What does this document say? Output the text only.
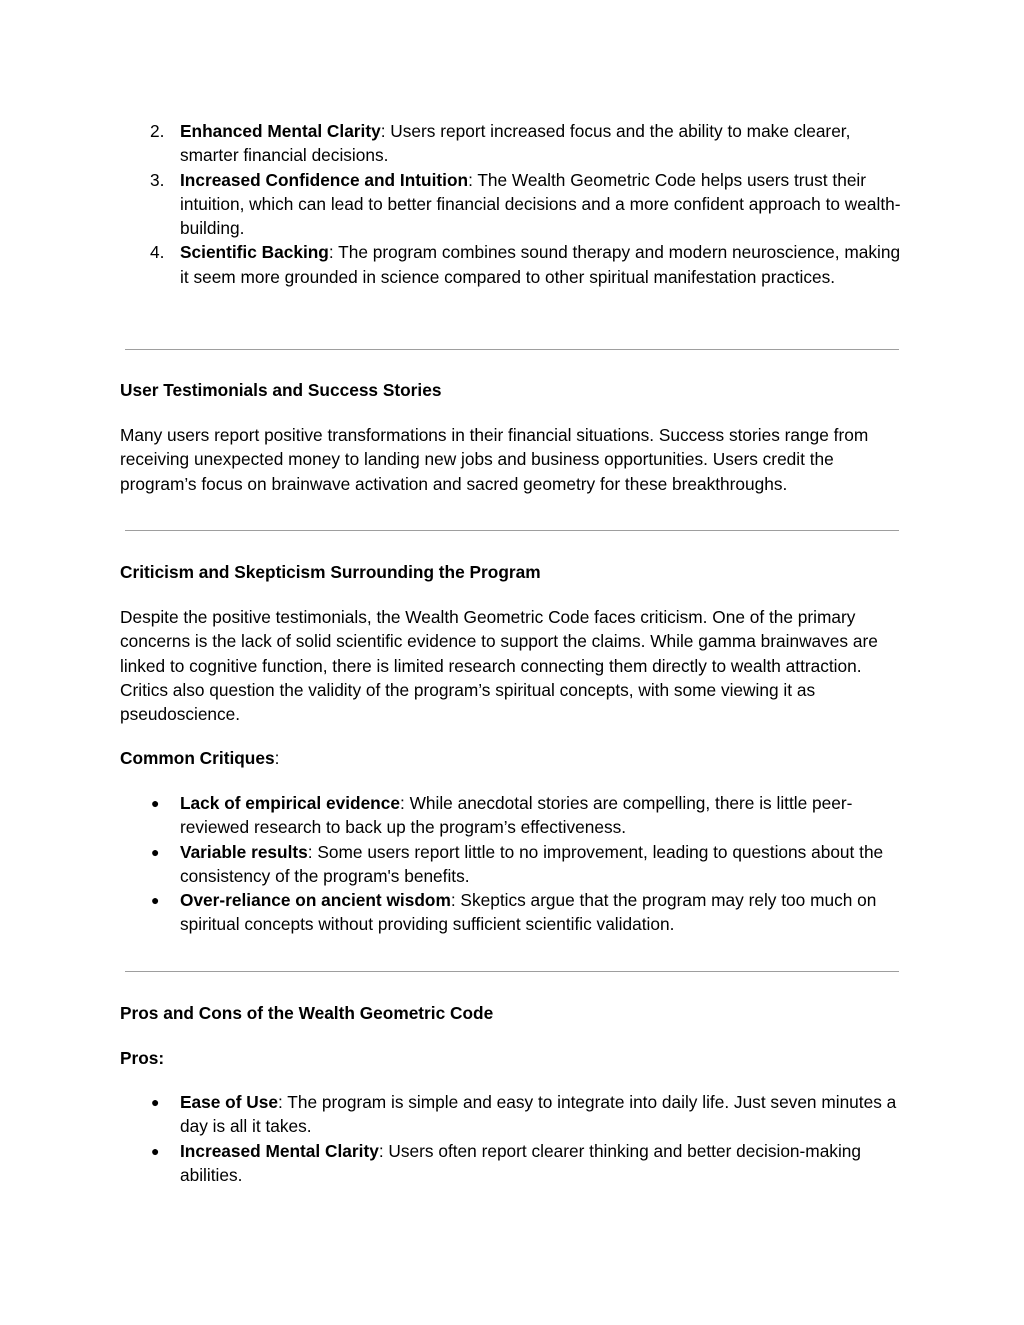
2. Enhanced Mental Clarity: Users report increased focus and the ability to make clearer, smarter financial decisions.
3. Increased Confidence and Intuition: The Wealth Geometric Code helps users trust their intuition, which can lead to better financial decisions and a more confident approach to wealth-building.
4. Scientific Backing: The program combines sound therapy and modern neuroscience, making it seem more grounded in science compared to other spiritual manifestation practices.

User Testimonials and Success Stories

Many users report positive transformations in their financial situations. Success stories range from receiving unexpected money to landing new jobs and business opportunities. Users credit the program’s focus on brainwave activation and sacred geometry for these breakthroughs.

Criticism and Skepticism Surrounding the Program

Despite the positive testimonials, the Wealth Geometric Code faces criticism. One of the primary concerns is the lack of solid scientific evidence to support the claims. While gamma brainwaves are linked to cognitive function, there is limited research connecting them directly to wealth attraction. Critics also question the validity of the program’s spiritual concepts, with some viewing it as pseudoscience.

Common Critiques:

● Lack of empirical evidence: While anecdotal stories are compelling, there is little peer-reviewed research to back up the program’s effectiveness.
● Variable results: Some users report little to no improvement, leading to questions about the consistency of the program's benefits.
● Over-reliance on ancient wisdom: Skeptics argue that the program may rely too much on spiritual concepts without providing sufficient scientific validation.

Pros and Cons of the Wealth Geometric Code

Pros:

● Ease of Use: The program is simple and easy to integrate into daily life. Just seven minutes a day is all it takes.
● Increased Mental Clarity: Users often report clearer thinking and better decision-making abilities.
